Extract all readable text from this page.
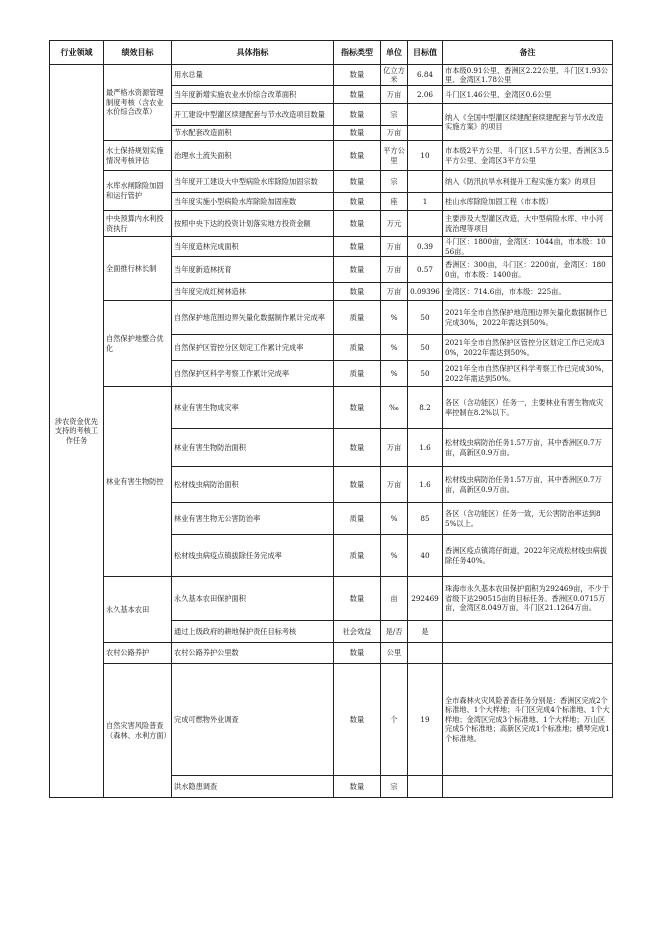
行业领域	绩效目标	具体指标	指标类型	单位	目标值	备注
涉农资金优先支持的考核工作任务	最严格水资源管理制度考核（含农业水价综合改革）	用水总量	数量	亿立方米	6.84	市本级0.91公里、香洲区2.22公里、斗门区1.93公里、金湾区1.78公里
		当年度新增实施农业水价综合改革面积	数量	万亩	2.06	斗门区1.46公里、金湾区0.6公里
		开工建设中型灌区续建配套与节水改造项目数量	数量	宗		纳入《全国中型灌区续建配套续建配套与节水改造实施方案》的项目
		节水配套改造面积	数量	万亩		
	水土保持规划实施情况考核评估	治理水土流失面积	数量	平方公里	10	市本级2平方公里、斗门区1.5平方公里、香洲区3.5平方公里、金湾区3平方公里
	水库水闸除险加固和运行管护	当年度开工建设大中型病险水库除险加固宗数	数量	宗		纳入《防汛抗旱水利提升工程实施方案》的项目
		当年度实施小型病险水库除险加固座数	数量	座	1	桂山水库除险加固工程（市本级）
	中央预算内水利投资执行	按照中央下达的投资计划落实地方投资金额	数量	万元		主要涉及大型灌区改造、大中型病险水库、中小河流治理等项目
	全面推行林长制	当年度造林完成面积	数量	万亩	0.39	斗门区：1800亩，金湾区：1044亩，市本级：1056亩。
		当年度新造林抚育	数量	万亩	0.57	香洲区：300亩，斗门区：2200亩，金湾区：1800亩，市本级：1400亩。
		当年度完成红树林造林	数量	万亩	0.09396	金湾区：714.6亩，市本级：225亩。
	自然保护地整合优化	自然保护地范围边界矢量化数据制作累计完成率	质量	%	50	2021年全市自然保护地范围边界矢量化数据制作已完成30%，2022年需达到50%。
		自然保护区管控分区划定工作累计完成率	质量	%	50	2021年全市自然保护区管控分区划定工作已完成30%，2022年需达到50%。
		自然保护区科学考察工作累计完成率	质量	%	50	2021年全市自然保护区科学考察工作已完成30%，2022年需达到50%。
	林业有害生物防控	林业有害生物成灾率	数量	‰	8.2	各区（含功能区）任务一，主要林业有害生物成灾率控制在8.2%以下。
		林业有害生物防治面积	数量	万亩	1.6	松材线虫病防治任务1.57万亩，其中香洲区0.7万亩，高新区0.9万亩。
		松材线虫病防治面积	数量	万亩	1.6	松材线虫病防治任务1.57万亩，其中香洲区0.7万亩，高新区0.9万亩。
		林业有害生物无公害防治率	质量	%	85	各区（含功能区）任务一致，无公害防治率达到85%以上。
		松材线虫病疫点镇拔除任务完成率	质量	%	40	香洲区疫点镇湾仔街道，2022年完成松材线虫病拔除任务40%。
	永久基本农田	永久基本农田保护面积	数量	亩	292469	珠海市永久基本农田保护面积为292469亩，不少于省级下达290515亩的目标任务。香洲区0.0715万亩，金湾区8.049万亩，斗门区21.1264万亩。
		通过上级政府的耕地保护责任目标考核	社会效益	是/否	是	
	农村公路养护	农村公路养护公里数	数量	公里		
	自然灾害风险普查（森林、水利方面）	完成可燃物外业调查	数量	个	19	全市森林火灾风险普查任务分别是：香洲区完成2个标准地、1个大样地；斗门区完成4个标准地、1个大样地；金湾区完成3个标准地、1个大样地；万山区完成5个标准地；高新区完成1个标准地；横琴完成1个标准地。
		洪水隐患调查	数量	宗		
